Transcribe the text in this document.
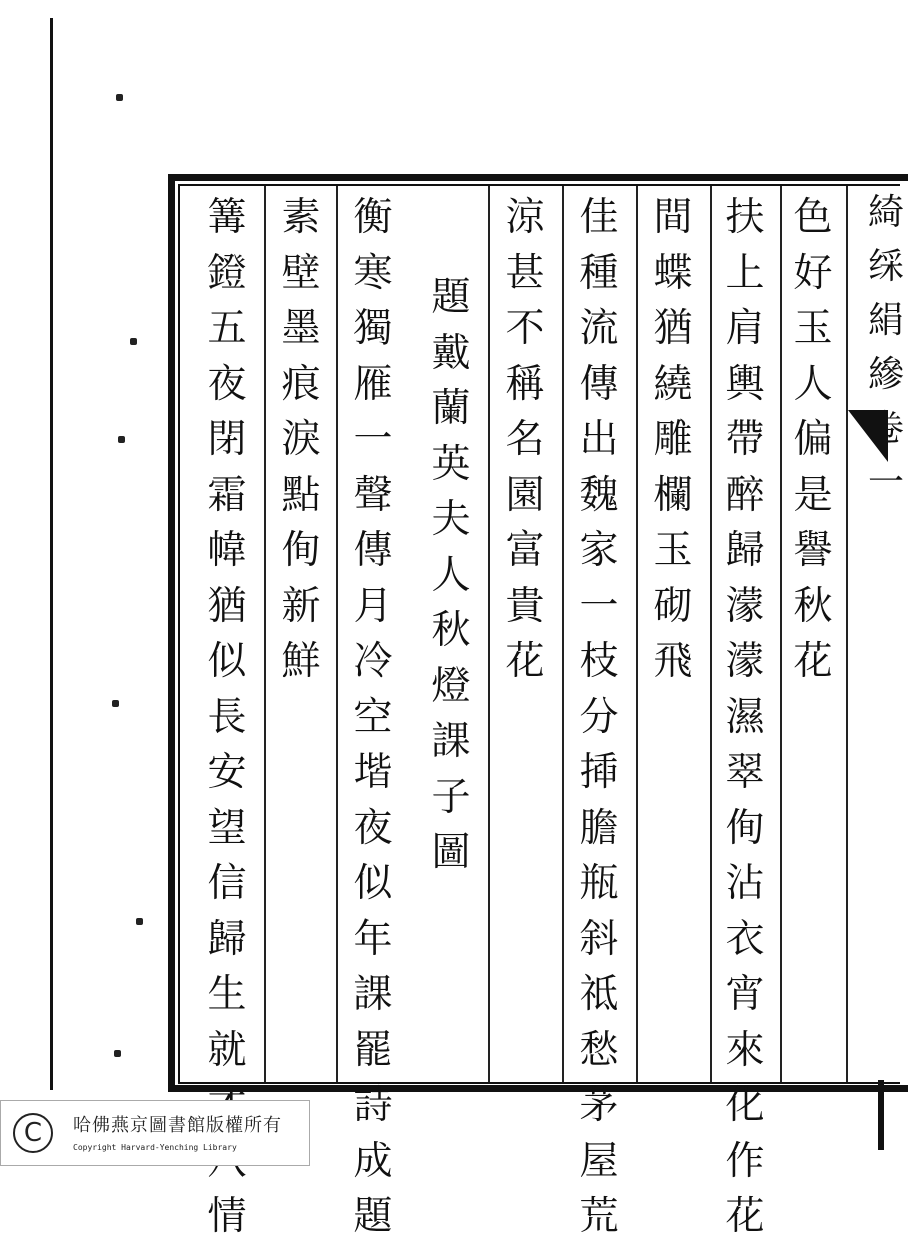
色
好
玉
人
偏
是
譽
秋
花
扶
上
肩
輿
帶
醉
歸
濛
濛
濕
翠
侚
沾
衣
宵
來
化
作
花
間
蝶
猶
繞
雕
欄
玉
砌
飛
佳
種
流
傳
出
魏
家
一
枝
分
揷
膽
瓶
斜
祗
愁
茅
屋
荒
涼
甚
不
稱
名
園
富
貴
花
題
戴
蘭
英
夫
人
秋
燈
課
子
圖
衡
寒
獨
雁
一
聲
傳
月
冷
空
堦
夜
似
年
課
罷
詩
成
題
素
壁
墨
痕
淚
點
侚
新
鮮
篝
鐙
五
夜
閉
霜
幃
猶
似
長
安
望
信
歸
生
就
情
綺
䌽
絹
縿
卷
一
C	哈佛燕京圖書館版權所有
Copyright Harvard-Yenching Library
